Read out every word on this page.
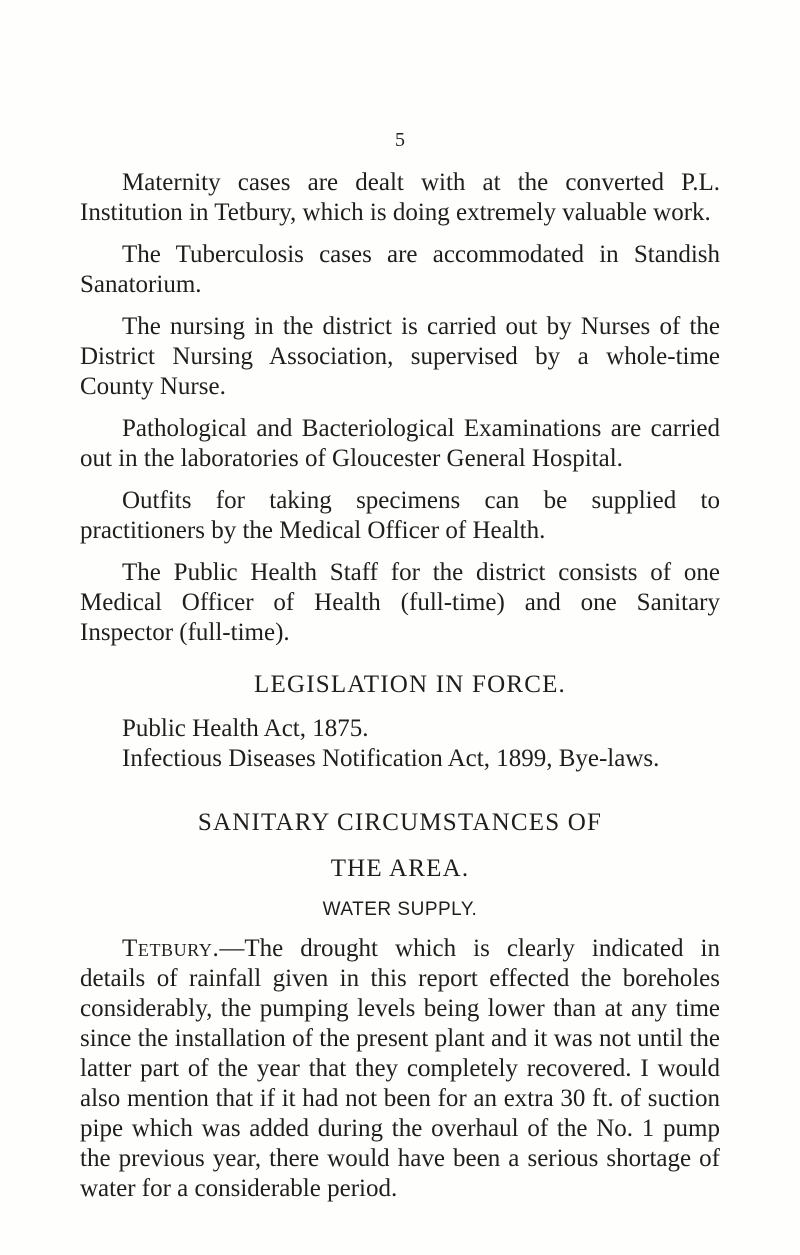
5

Maternity cases are dealt with at the converted P.L. Institution in Tetbury, which is doing extremely valuable work.

The Tuberculosis cases are accommodated in Standish Sanatorium.

The nursing in the district is carried out by Nurses of the District Nursing Association, supervised by a whole-time County Nurse.

Pathological and Bacteriological Examinations are carried out in the laboratories of Gloucester General Hospital.

Outfits for taking specimens can be supplied to practitioners by the Medical Officer of Health.

The Public Health Staff for the district consists of one Medical Officer of Health (full-time) and one Sanitary Inspector (full-time).

LEGISLATION IN FORCE.

Public Health Act, 1875.

Infectious Diseases Notification Act, 1899, Bye-laws.

SANITARY CIRCUMSTANCES OF
THE AREA.
WATER SUPPLY.

Tetbury.—The drought which is clearly indicated in details of rainfall given in this report effected the boreholes considerably, the pumping levels being lower than at any time since the installation of the present plant and it was not until the latter part of the year that they completely recovered. I would also mention that if it had not been for an extra 30 ft. of suction pipe which was added during the overhaul of the No. 1 pump the previous year, there would have been a serious shortage of water for a considerable period.
